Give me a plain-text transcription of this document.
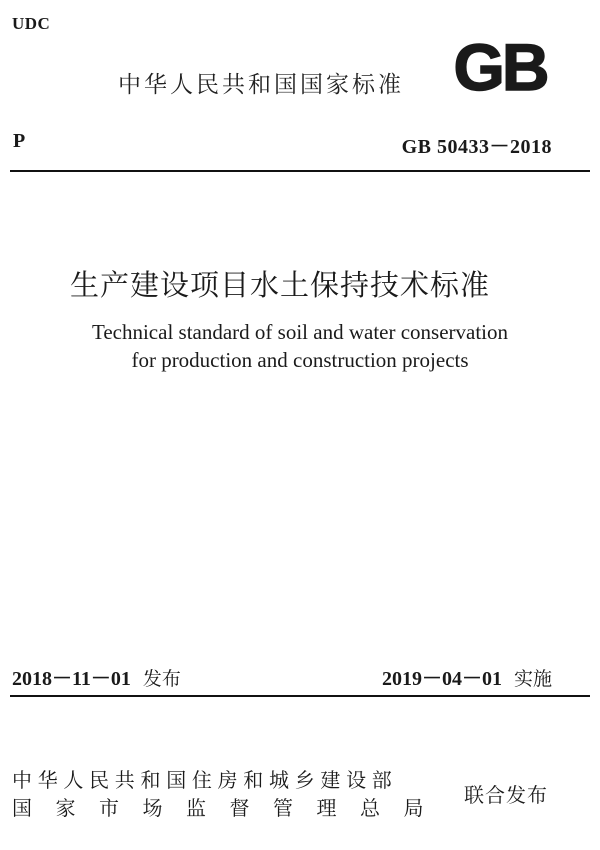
UDC
中华人民共和国国家标准 GB
P	GB 50433－2018
生产建设项目水土保持技术标准
Technical standard of soil and water conservation
for production and construction projects
2018－11－01 发布	2019－04－01 实施
中华人民共和国住房和城乡建设部
国家市场监督管理总局
联合发布
